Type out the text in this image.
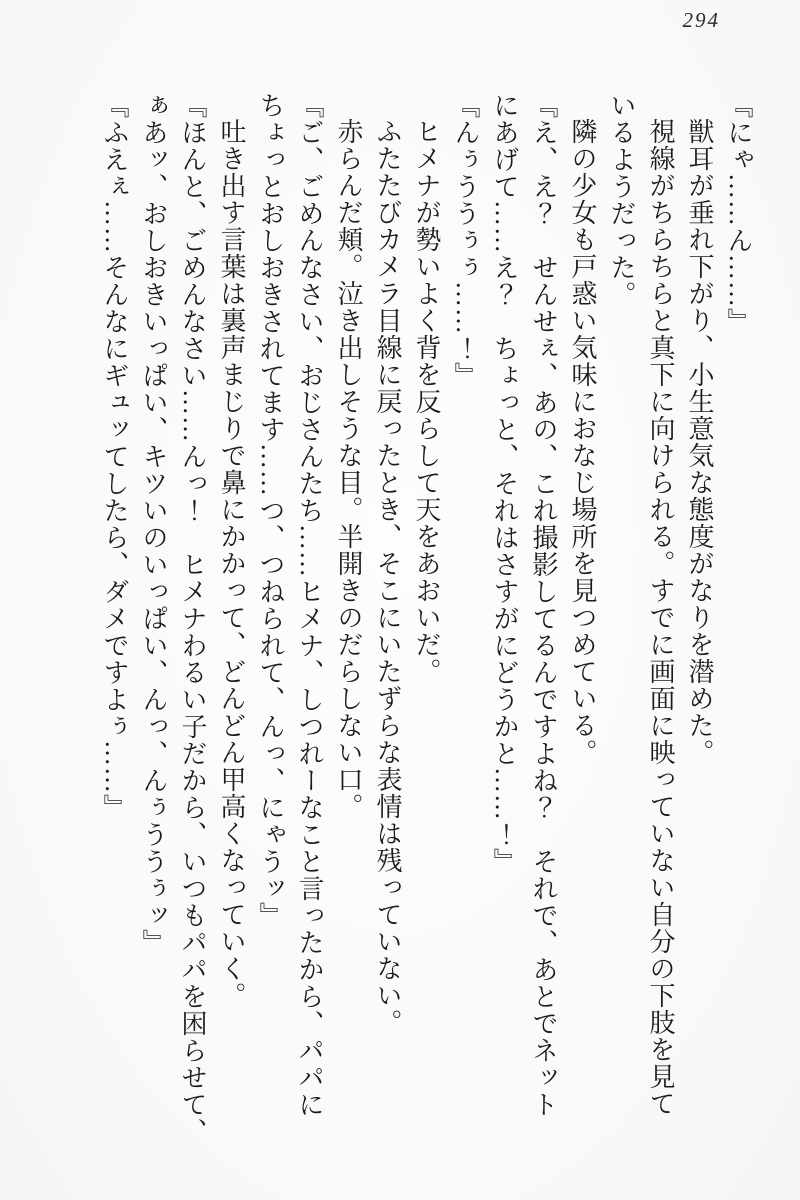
294

『にゃ……ん……』

獣耳が垂れ下がり、小生意気な態度がなりを潜めた。

視線がちらちらと真下に向けられる。すでに画面に映っていない自分の下肢を見て

いるようだった。

隣の少女も戸惑い気味におなじ場所を見つめている。

『え、え？　せんせぇ、あの、これ撮影してるんですよね？　それで、あとでネット

にあげて……え？　ちょっと、それはさすがにどうかと……！』

『んぅううぅぅ……！』

ヒメナが勢いよく背を反らして天をあおいだ。

ふたたびカメラ目線に戻ったとき、そこにいたずらな表情は残っていない。

赤らんだ頬。泣き出しそうな目。半開きのだらしない口。

『ご、ごめんなさい、おじさんたち……ヒメナ、しつれーなこと言ったから、パパに

ちょっとおしおきされてます……つ、つねられて、んっ、にゃうッ』

吐き出す言葉は裏声まじりで鼻にかかって、どんどん甲高くなっていく。

『ほんと、ごめんなさい……んっ！　ヒメナわるい子だから、いつもパパを困らせて、

ぁあッ、おしおきいっぱい、キツいのいっぱい、んっ、んぅううぅッ』

『ふえぇ……そんなにギュッてしたら、ダメですよぅ……』
